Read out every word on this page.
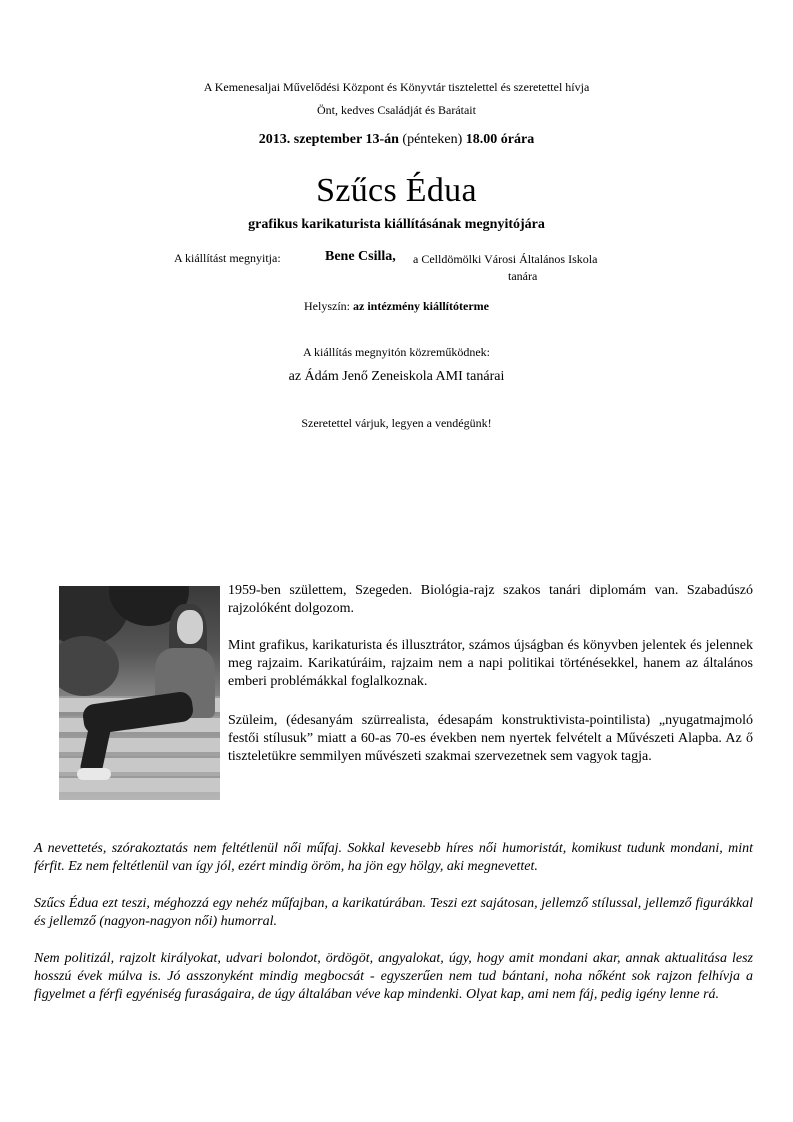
A Kemenesaljai Művelődési Központ és Könyvtár tisztelettel és szeretettel hívja
Önt, kedves Családját és Barátait
2013. szeptember 13-án (pénteken) 18.00 órára
Szűcs Édua
grafikus karikaturista kiállításának megnyitójára
A kiállítást megnyitja:	Bene Csilla, a Celldömölki Városi Általános Iskola
tanára
Helyszín: az intézmény kiállítóterme
A kiállítás megnyitón közreműködnek:
az Ádám Jenő Zeneiskola AMI tanárai
Szeretettel várjuk, legyen a vendégünk!
1959-ben születtem, Szegeden. Biológia-rajz szakos tanári diplomám van. Szabadúszó rajzolóként dolgozom.
Mint grafikus, karikaturista és illusztrátor, számos újságban és könyvben jelentek és jelennek meg rajzaim. Karikatúráim, rajzaim nem a napi politikai történésekkel, hanem az általános emberi problémákkal foglalkoznak.
Szüleim, (édesanyám szürrealista, édesapám konstruktivista-pointilista) „nyugatmajmoló festői stílusuk” miatt a 60-as 70-es években nem nyertek felvételt a Művészeti Alapba. Az ő tiszteletükre semmilyen művészeti szakmai szervezetnek sem vagyok tagja.
A nevettetés, szórakoztatás nem feltétlenül női műfaj. Sokkal kevesebb híres női humoristát, komikust tudunk mondani, mint férfit. Ez nem feltétlenül van így jól, ezért mindig öröm, ha jön egy hölgy, aki megnevettet.
Szűcs Édua ezt teszi, méghozzá egy nehéz műfajban, a karikatúrában. Teszi ezt sajátosan, jellemző stílussal, jellemző figurákkal és jellemző (nagyon-nagyon női) humorral.
Nem politizál, rajzolt királyokat, udvari bolondot, ördögöt, angyalokat, úgy, hogy amit mondani akar, annak aktualitása lesz hosszú évek múlva is. Jó asszonyként mindig megbocsát - egyszerűen nem tud bántani, noha nőként sok rajzon felhívja a figyelmet a férfi egyéniség furaságaira, de úgy általában véve kap mindenki. Olyat kap, ami nem fáj, pedig igény lenne rá.
